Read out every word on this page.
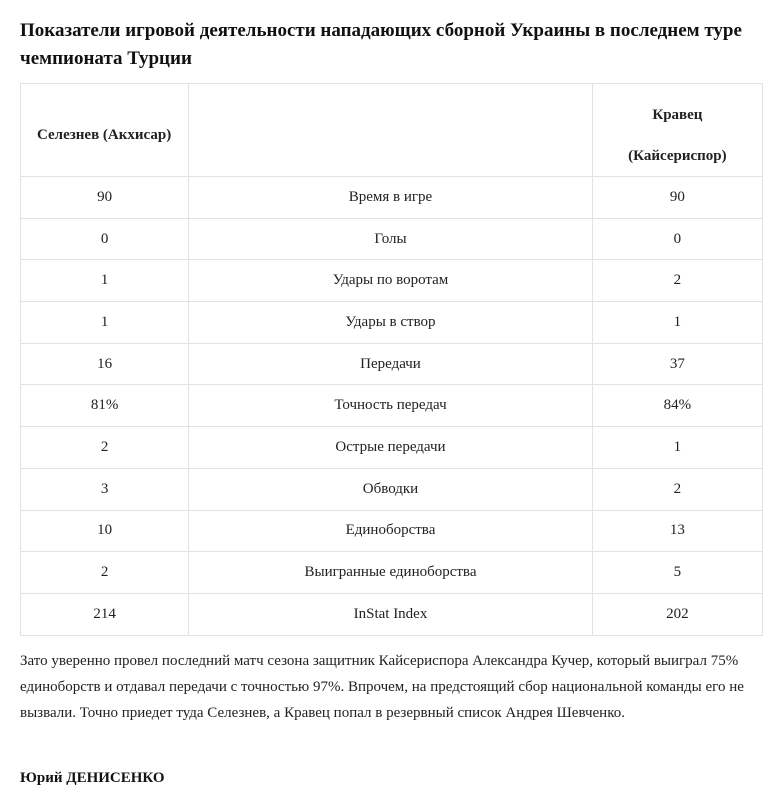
Показатели игровой деятельности нападающих сборной Украины в последнем туре чемпионата Турции
Селезнев (Акхисар)		Кравец
(Кайсериспор)

90	Время в игре	90
0	Голы	0
1	Удары по воротам	2
1	Удары в створ	1
16	Передачи	37
81%	Точность передач	84%
2	Острые передачи	1
3	Обводки	2
10	Единоборства	13
2	Выигранные единоборства	5
214	InStat Index	202

Зато уверенно провел последний матч сезона защитник Кайсериспора Александра Кучер, который выиграл 75% единоборств и отдавал передачи с точностью 97%. Впрочем, на предстоящий сбор национальной команды его не вызвали. Точно приедет туда Селезнев, а Кравец попал в резервный список Андрея Шевченко.

Юрий ДЕНИСЕНКО
